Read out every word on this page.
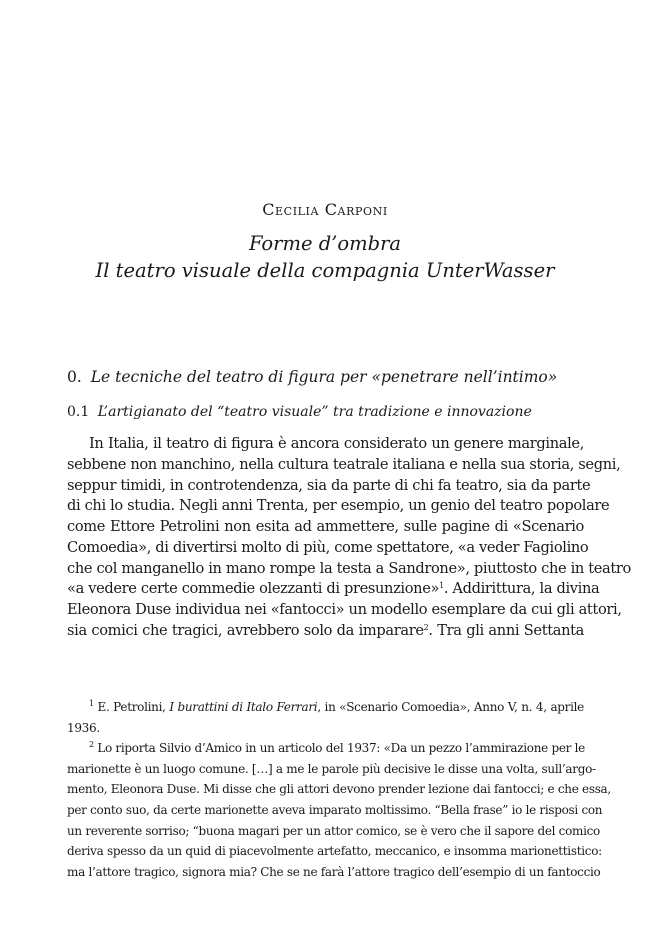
Cecilia Carponi
Forme d’ombra
Il teatro visuale della compagnia UnterWasser
0. Le tecniche del teatro di figura per «penetrare nell’intimo»
0.1 L’artigianato del “teatro visuale” tra tradizione e innovazione
In Italia, il teatro di figura è ancora considerato un genere marginale,
sebbene non manchino, nella cultura teatrale italiana e nella sua storia, segni,
seppur timidi, in controtendenza, sia da parte di chi fa teatro, sia da parte
di chi lo studia. Negli anni Trenta, per esempio, un genio del teatro popolare
come Ettore Petrolini non esita ad ammettere, sulle pagine di «Scenario
Comoedia», di divertirsi molto di più, come spettatore, «a veder Fagiolino
che col manganello in mano rompe la testa a Sandrone», piuttosto che in teatro
«a vedere certe commedie olezzanti di presunzione»$^1$. Addirittura, la divina
Eleonora Duse individua nei «fantocci» un modello esemplare da cui gli attori,
sia comici che tragici, avrebbero solo da imparare$^2$. Tra gli anni Settanta
$^1$ E. Petrolini, I burattini di Italo Ferrari, in «Scenario Comoedia», Anno V, n. 4, aprile
1936.
$^2$ Lo riporta Silvio d’Amico in un articolo del 1937: «Da un pezzo l’ammirazione per le
marionette è un luogo comune. […] a me le parole più decisive le disse una volta, sull’argo-
mento, Eleonora Duse. Mi disse che gli attori devono prender lezione dai fantocci; e che essa,
per conto suo, da certe marionette aveva imparato moltissimo. “Bella frase” io le risposi con
un reverente sorriso; “buona magari per un attor comico, se è vero che il sapore del comico
deriva spesso da un quid di piacevolmente artefatto, meccanico, e insomma marionettistico:
ma l’attore tragico, signora mia? Che se ne farà l’attore tragico dell’esempio di un fantoccio
